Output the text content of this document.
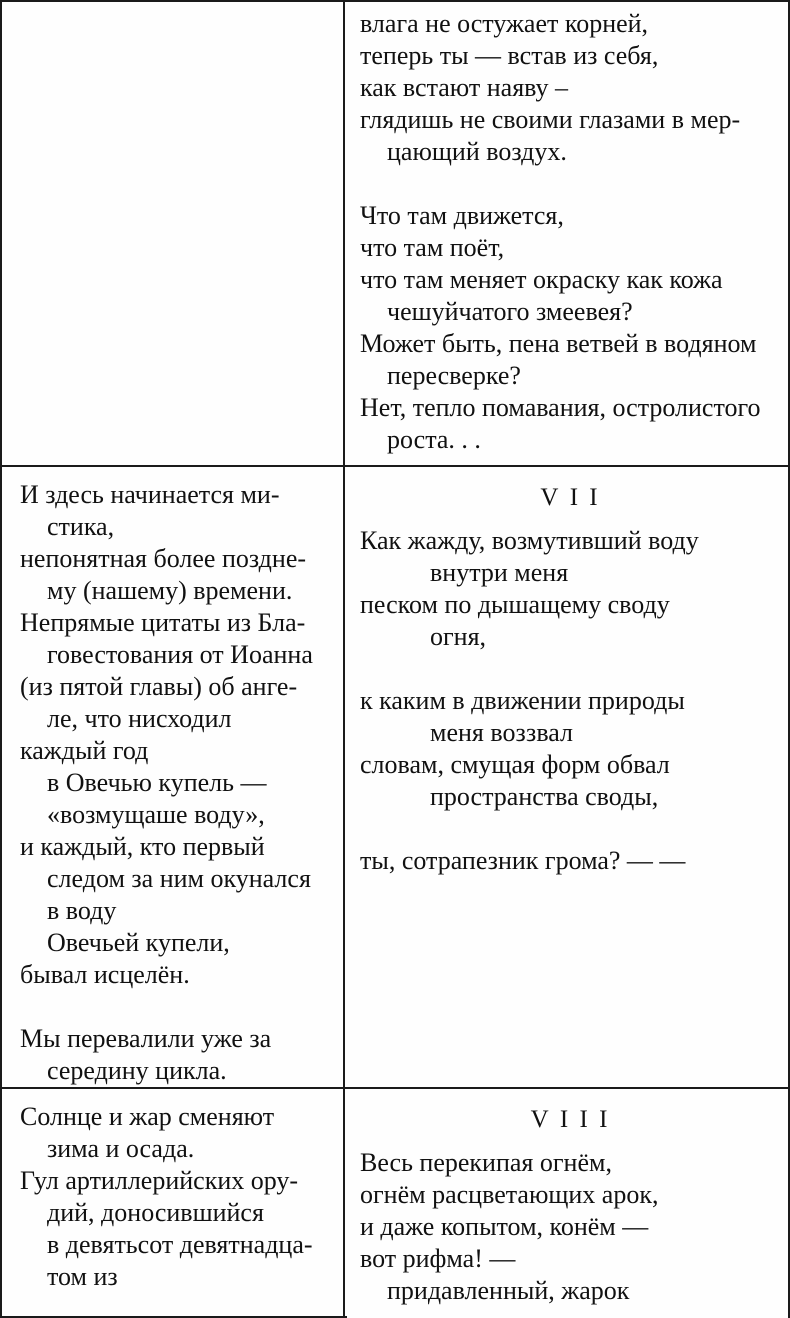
влага не остужает корней,
теперь ты — встав из себя,
как встают наяву –
глядишь не своими глазами в мер-
цающий воздух.
Что там движется,
что там поёт,
что там меняет окраску как кожа
чешуйчатого змеевея?
Может быть, пена ветвей в водяном
пересверке?
Нет, тепло помавания, остролистого
роста. . .
И здесь начинается ми-
стика,
непонятная более поздне-
му (нашему) времени.
Непрямые цитаты из Бла-
говестования от Иоанна
(из пятой главы) об анге-
ле, что нисходил
каждый год
в Овечью купель —
«возмущаше воду»,
и каждый, кто первый
следом за ним окунался
в воду
Овечьей купели,
бывал исцелён.
Мы перевалили уже за
середину цикла.
VII
Как жажду, возмутивший воду
внутри меня
песком по дышащему своду
огня,
к каким в движении природы
меня воззвал
словам, смущая форм обвал
пространства своды,
ты, сотрапезник грома? — —
Солнце и жар сменяют
зима и осада.
Гул артиллерийских ору-
дий, доносившийся
в девятьсот девятнадца-
том из
VIII
Весь перекипая огнём,
огнём расцветающих арок,
и даже копытом, конём —
вот рифма! —
придавленный, жарок
